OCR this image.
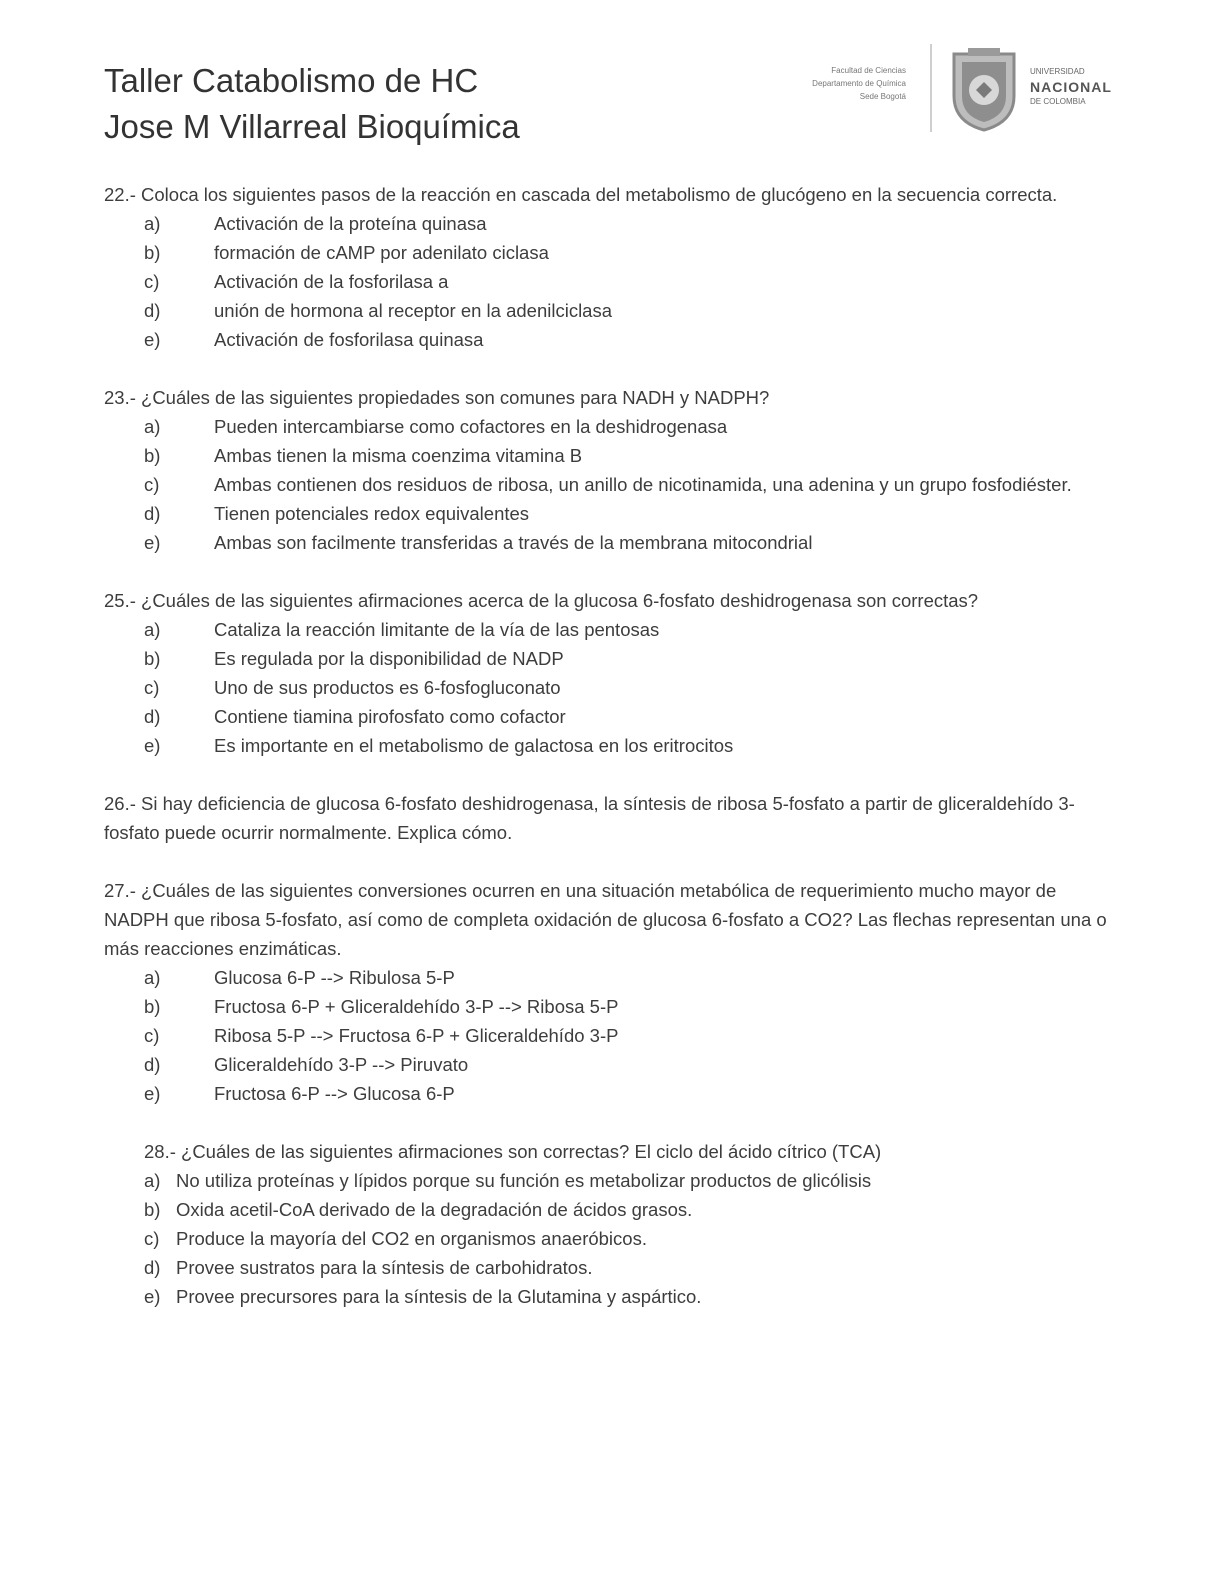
Taller Catabolismo de HC
Jose M Villarreal Bioquímica
Facultad de Ciencias
Departamento de Química
Sede Bogotá
UNIVERSIDAD
NACIONAL
DE COLOMBIA

22.- Coloca los siguientes pasos de la reacción en cascada del metabolismo de glucógeno en la secuencia correcta.

a)	Activación de la proteína quinasa
b)	formación de cAMP por adenilato ciclasa
c)	Activación de la fosforilasa a
d)	unión de hormona al receptor en la adenilciclasa
e)	Activación de fosforilasa quinasa

23.- ¿Cuáles de las siguientes propiedades son comunes para NADH y NADPH?

a)	Pueden intercambiarse como cofactores en la deshidrogenasa
b)	Ambas tienen la misma coenzima vitamina B
c)	Ambas contienen dos residuos de ribosa, un anillo de nicotinamida, una adenina y un grupo fosfodiéster.
d)	Tienen potenciales redox equivalentes
e)	Ambas son facilmente transferidas a través de la membrana mitocondrial

25.- ¿Cuáles de las siguientes afirmaciones acerca de la glucosa 6-fosfato deshidrogenasa son correctas?

a)	Cataliza la reacción limitante de la vía de las pentosas
b)	Es regulada por la disponibilidad de NADP
c)	Uno de sus productos es 6-fosfogluconato
d)	Contiene tiamina pirofosfato como cofactor
e)	Es importante en el metabolismo de galactosa en los eritrocitos

26.- Si hay deficiencia de glucosa 6-fosfato deshidrogenasa, la síntesis de ribosa 5-fosfato a partir de gliceraldehído 3-fosfato puede ocurrir normalmente. Explica cómo.

27.- ¿Cuáles de las siguientes conversiones ocurren en una situación metabólica de requerimiento mucho mayor de NADPH que ribosa 5-fosfato, así como de completa oxidación de glucosa 6-fosfato a CO2? Las flechas representan una o más reacciones enzimáticas.

a)	Glucosa 6-P --> Ribulosa 5-P
b)	Fructosa 6-P + Gliceraldehído 3-P --> Ribosa 5-P
c)	Ribosa 5-P --> Fructosa 6-P + Gliceraldehído 3-P
d)	Gliceraldehído 3-P --> Piruvato
e)	Fructosa 6-P --> Glucosa 6-P

28.- ¿Cuáles de las siguientes afirmaciones son correctas? El ciclo del ácido cítrico (TCA)

a) No utiliza proteínas y lípidos porque su función es metabolizar productos de glicólisis
b) Oxida acetil-CoA derivado de la degradación de ácidos grasos.
c) Produce la mayoría del CO2 en organismos anaeróbicos.
d) Provee sustratos para la síntesis de carbohidratos.
e) Provee precursores para la síntesis de la Glutamina y aspártico.
